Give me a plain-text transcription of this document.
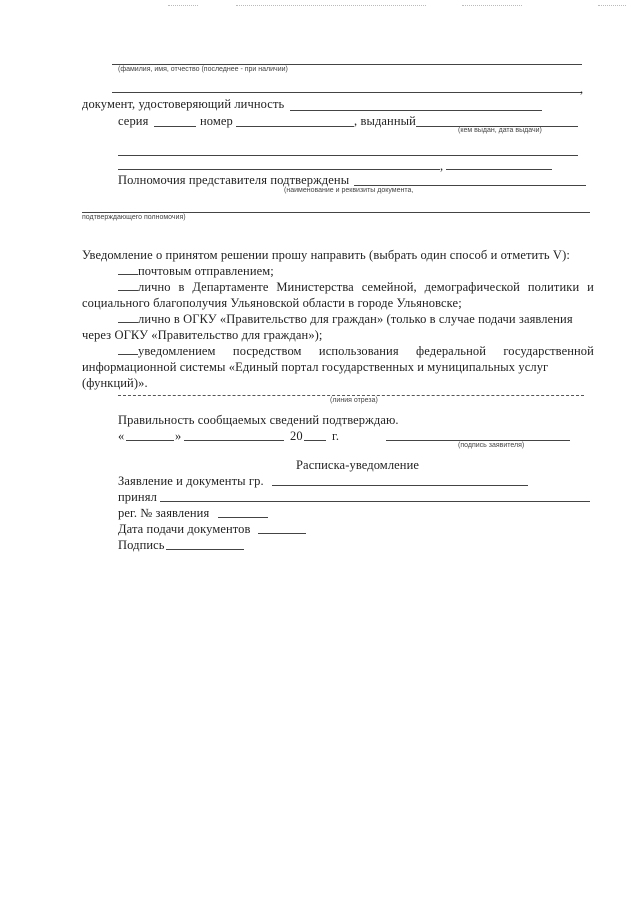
(фамилия, имя, отчество (последнее - при наличии)
,
документ, удостоверяющий личность
серия	номер	, выданный
(кем выдан, дата выдачи)
,
Полномочия представителя подтверждены
(наименование и реквизиты документа,
подтверждающего полномочия)
Уведомление о принятом решении прошу направить (выбрать один способ и отметить V):
почтовым отправлением;
лично в Департаменте Министерства семейной, демографической политики и
социального благополучия Ульяновской области в городе Ульяновске;
лично в ОГКУ «Правительство для граждан» (только в случае подачи заявления
через ОГКУ «Правительство для граждан»);
уведомлением посредством использования федеральной государственной
информационной системы «Единый портал государственных и муниципальных услуг
(функций)».
(линия отреза)
Правильность сообщаемых сведений подтверждаю.
«	»	20 г.
(подпись заявителя)
Расписка-уведомление
Заявление и документы гр.
принял
рег. № заявления
Дата подачи документов
Подпись
